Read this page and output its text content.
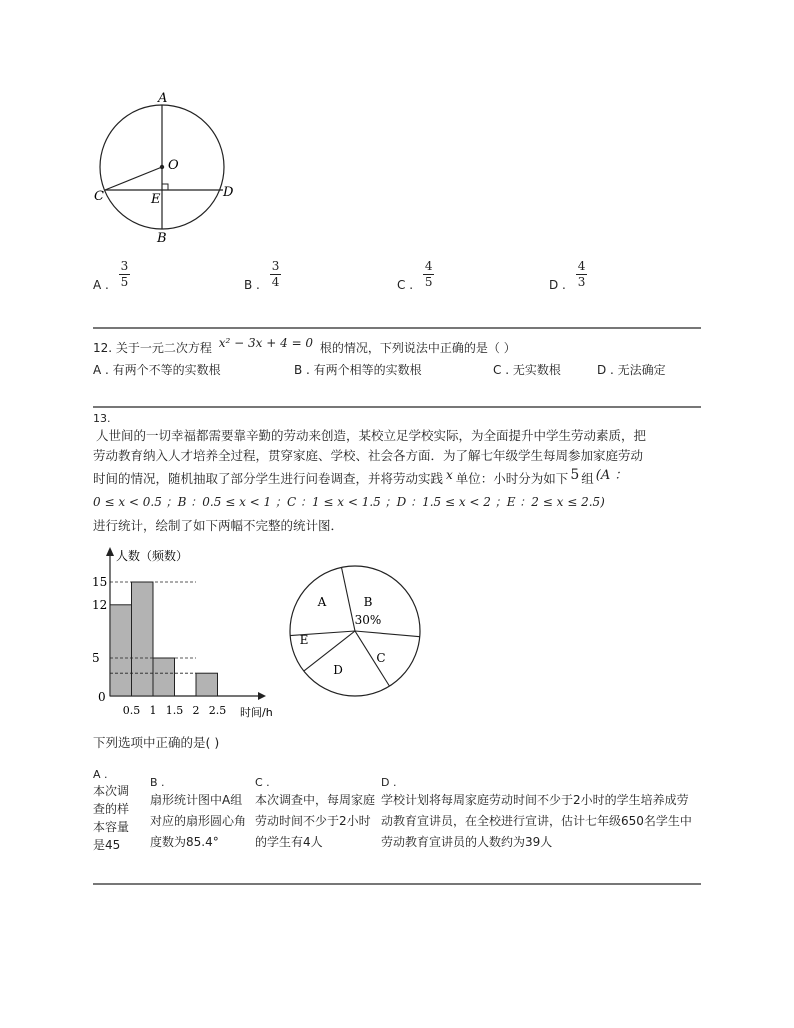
A
O
C	E	D
B
A . $\frac{3}{5}$	B . $\frac{3}{4}$	C . $\frac{4}{5}$	D . $\frac{4}{3}$
12. 关于一元二次方程 x² − 3x + 4 = 0 根的情况，下列说法中正确的是（ ）
A . 有两个不等的实数根	B . 有两个相等的实数根	C . 无实数根	D . 无法确定
13.
人世间的一切幸福都需要靠辛勤的劳动来创造，某校立足学校实际，为全面提升中学生劳动素质，把
劳动教育纳入人才培养全过程，贯穿家庭、学校、社会各方面．为了解七年级学生每周参加家庭劳动
时间的情况，随机抽取了部分学生进行问卷调查，并将劳动实践 x 单位：小时分为如下 5 组 (A ：
0 ≤ x < 0.5 ；B ：0.5 ≤ x < 1 ；C ：1 ≤ x < 1.5 ；D ：1.5 ≤ x < 2 ；E ：2 ≤ x ≤ 2.5)
进行统计，绘制了如下两幅不完整的统计图．
5
12
15
0
0.5 1 1.5 2 2.5
人数（频数）
时间/h
A	B
30%
C
D
E
下列选项中正确的是( )
A .
本次调查的样本容量是45
B .
扇形统计图中A组对应的扇形圆心角度数为85.4°
C .
本次调查中，每周家庭劳动时间不少于2小时的学生有4人
D .
学校计划将每周家庭劳动时间不少于2小时的学生培养成劳动教育宣讲员，在全校进行宣讲，估计七年级650名学生中劳动教育宣讲员的人数约为39人
